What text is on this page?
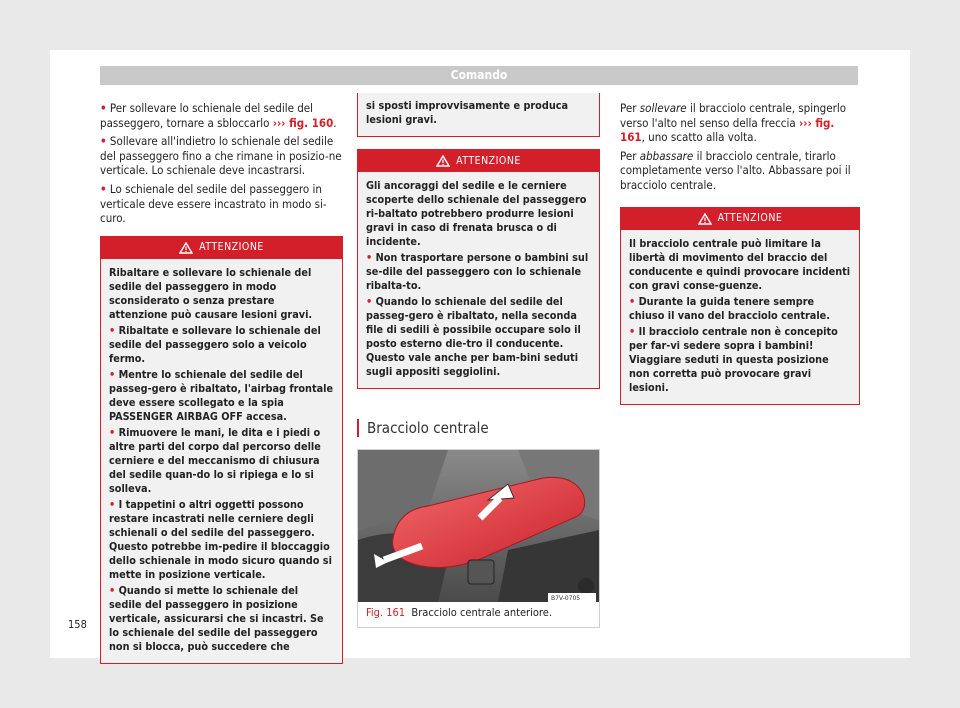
Comando

• Per sollevare lo schienale del sedile del passeggero, tornare a sbloccarlo ››› fig. 160.

• Sollevare all'indietro lo schienale del sedile del passeggero fino a che rimane in posizio-ne verticale. Lo schienale deve incastrarsi.

• Lo schienale del sedile del passeggero in verticale deve essere incastrato in modo si-curo.

ATTENZIONE

Ribaltare e sollevare lo schienale del sedile del passeggero in modo sconsiderato o senza prestare attenzione può causare lesioni gravi.

• Ribaltate e sollevare lo schienale del sedile del passeggero solo a veicolo fermo.

• Mentre lo schienale del sedile del passeg-gero è ribaltato, l'airbag frontale deve essere scollegato e la spia PASSENGER AIRBAG OFF accesa.

• Rimuovere le mani, le dita e i piedi o altre parti del corpo dal percorso delle cerniere e del meccanismo di chiusura del sedile quan-do lo si ripiega e lo si solleva.

• I tappetini o altri oggetti possono restare incastrati nelle cerniere degli schienali o del sedile del passeggero. Questo potrebbe im-pedire il bloccaggio dello schienale in modo sicuro quando si mette in posizione verticale.

• Quando si mette lo schienale del sedile del passeggero in posizione verticale, assicurarsi che si incastri. Se lo schienale del sedile del passeggero non si blocca, può succedere che

si sposti improvvisamente e produca lesioni gravi.

ATTENZIONE

Gli ancoraggi del sedile e le cerniere scoperte dello schienale del passeggero ri-baltato potrebbero produrre lesioni gravi in caso di frenata brusca o di incidente.

• Non trasportare persone o bambini sul se-dile del passeggero con lo schienale ribalta-to.

• Quando lo schienale del sedile del passeg-gero è ribaltato, nella seconda file di sedili è possibile occupare solo il posto esterno die-tro il conducente. Questo vale anche per bam-bini seduti sugli appositi seggiolini.

Bracciolo centrale
B7V-0705
Fig. 161 Bracciolo centrale anteriore.

Per sollevare il bracciolo centrale, spingerlo verso l'alto nel senso della freccia ››› fig. 161, uno scatto alla volta.

Per abbassare il bracciolo centrale, tirarlo completamente verso l'alto. Abbassare poi il bracciolo centrale.

ATTENZIONE

Il bracciolo centrale può limitare la libertà di movimento del braccio del conducente e quindi provocare incidenti con gravi conse-guenze.

• Durante la guida tenere sempre chiuso il vano del bracciolo centrale.

• Il bracciolo centrale non è concepito per far-vi sedere sopra i bambini! Viaggiare seduti in questa posizione non corretta può provocare gravi lesioni.

158
